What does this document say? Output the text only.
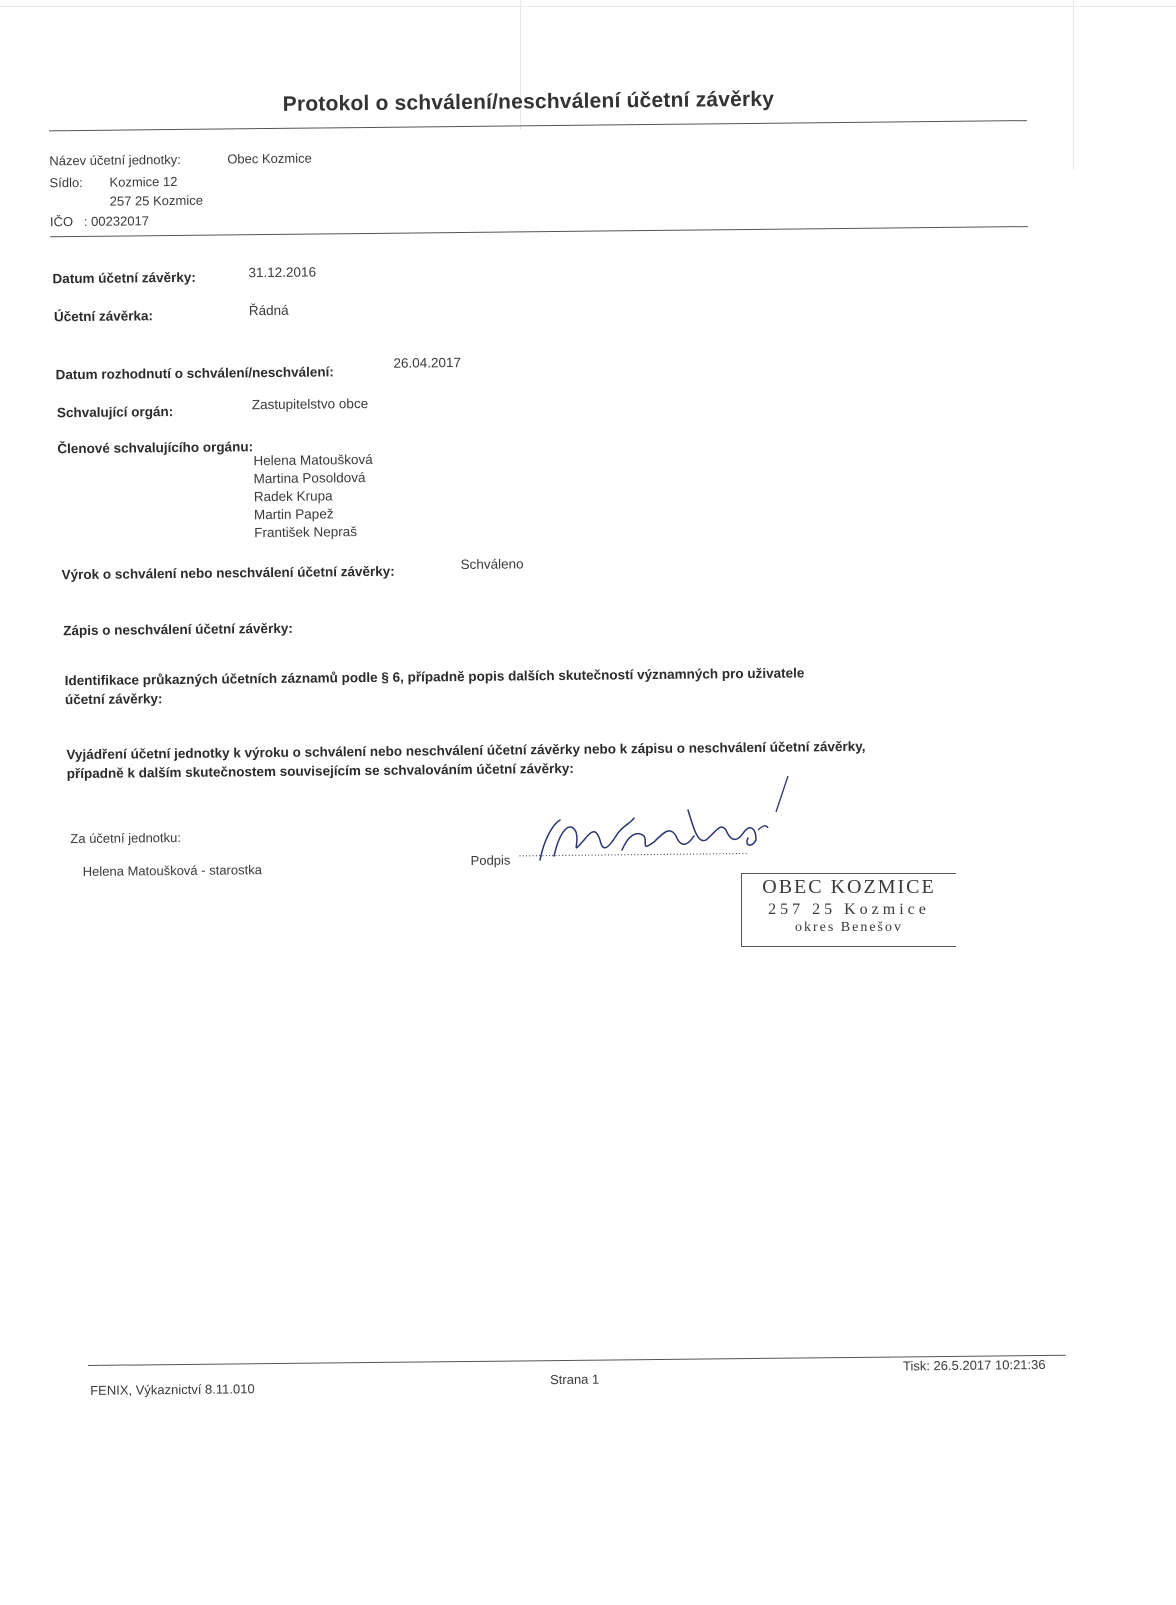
Protokol o schválení/neschválení účetní závěrky
Název účetní jednotky:	Obec Kozmice
Sídlo: Kozmice 12
257 25 Kozmice
IČO : 00232017
Datum účetní závěrky:	31.12.2016
Účetní závěrka:	Řádná
Datum rozhodnutí o schválení/neschválení:
26.04.2017
Schvalující orgán:	Zastupitelstvo obce
Členové schvalujícího orgánu:
Helena Matoušková
Martina Posoldová
Radek Krupa
Martin Papež
František Nepraš
Výrok o schválení nebo neschválení účetní závěrky:	Schváleno
Zápis o neschválení účetní závěrky:
Identifikace průkazných účetních záznamů podle § 6, případně popis dalších skutečností významných pro uživatele
účetní závěrky:
Vyjádření účetní jednotky k výroku o schválení nebo neschválení účetní závěrky nebo k zápisu o neschválení účetní závěrky,
případně k dalším skutečnostem souvisejícím se schvalováním účetní závěrky:
Za účetní jednotku:
Helena Matoušková - starostka
Podpis ......................................................................
FENIX, Výkaznictví 8.11.010
Strana 1
Tisk: 26.5.2017 10:21:36
OBEC KOZMICE
257 25 Kozmice
okres Benešov
